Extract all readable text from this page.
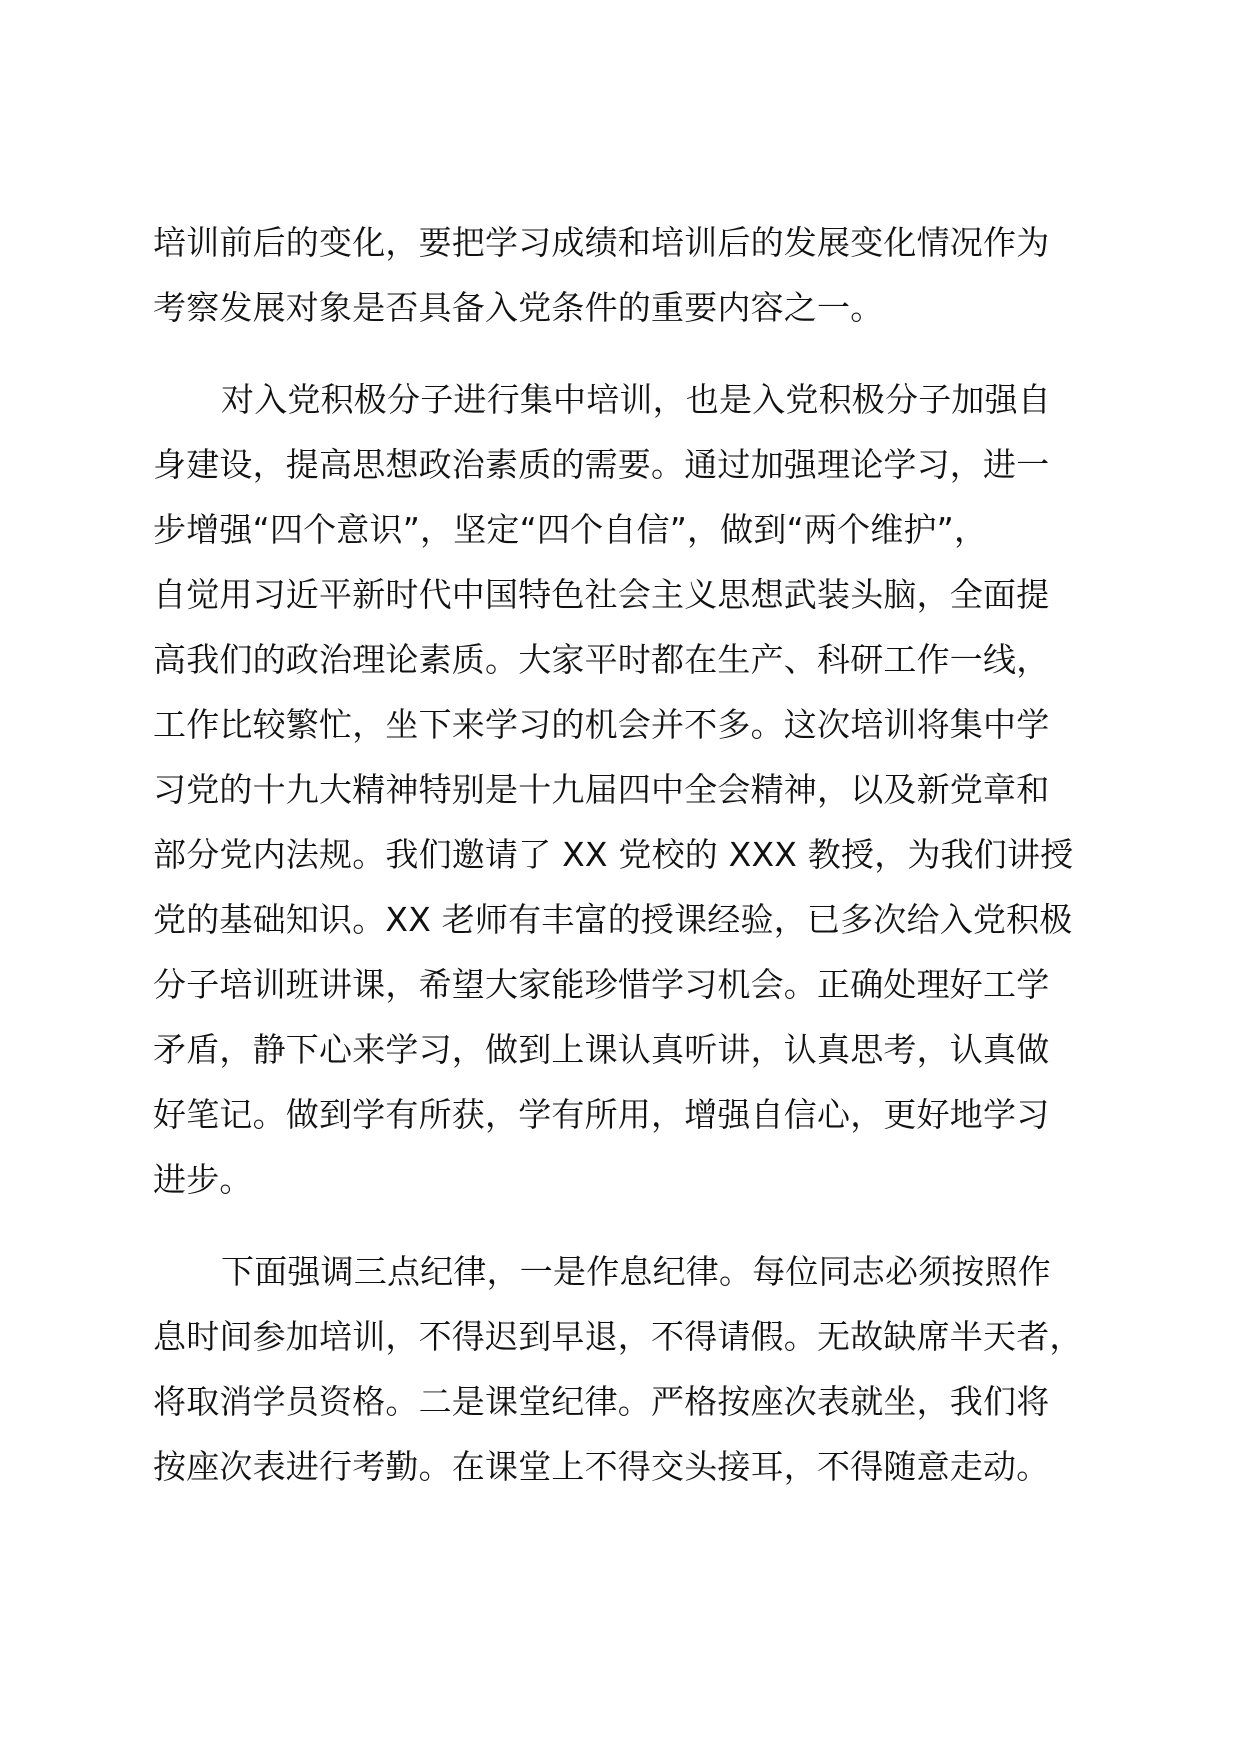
培训前后的变化，要把学习成绩和培训后的发展变化情况作为
考察发展对象是否具备入党条件的重要内容之一。
对入党积极分子进行集中培训，也是入党积极分子加强自
身建设，提高思想政治素质的需要。通过加强理论学习，进一
步增强“四个意识”，坚定“四个自信”，做到“两个维护”，
自觉用习近平新时代中国特色社会主义思想武装头脑，全面提
高我们的政治理论素质。大家平时都在生产、科研工作一线，
工作比较繁忙，坐下来学习的机会并不多。这次培训将集中学
习党的十九大精神特别是十九届四中全会精神，以及新党章和
部分党内法规。我们邀请了 XX 党校的 XXX 教授，为我们讲授
党的基础知识。XX 老师有丰富的授课经验，已多次给入党积极
分子培训班讲课，希望大家能珍惜学习机会。正确处理好工学
矛盾，静下心来学习，做到上课认真听讲，认真思考，认真做
好笔记。做到学有所获，学有所用，增强自信心，更好地学习
进步。
下面强调三点纪律，一是作息纪律。每位同志必须按照作
息时间参加培训，不得迟到早退，不得请假。无故缺席半天者，
将取消学员资格。二是课堂纪律。严格按座次表就坐，我们将
按座次表进行考勤。在课堂上不得交头接耳，不得随意走动。
